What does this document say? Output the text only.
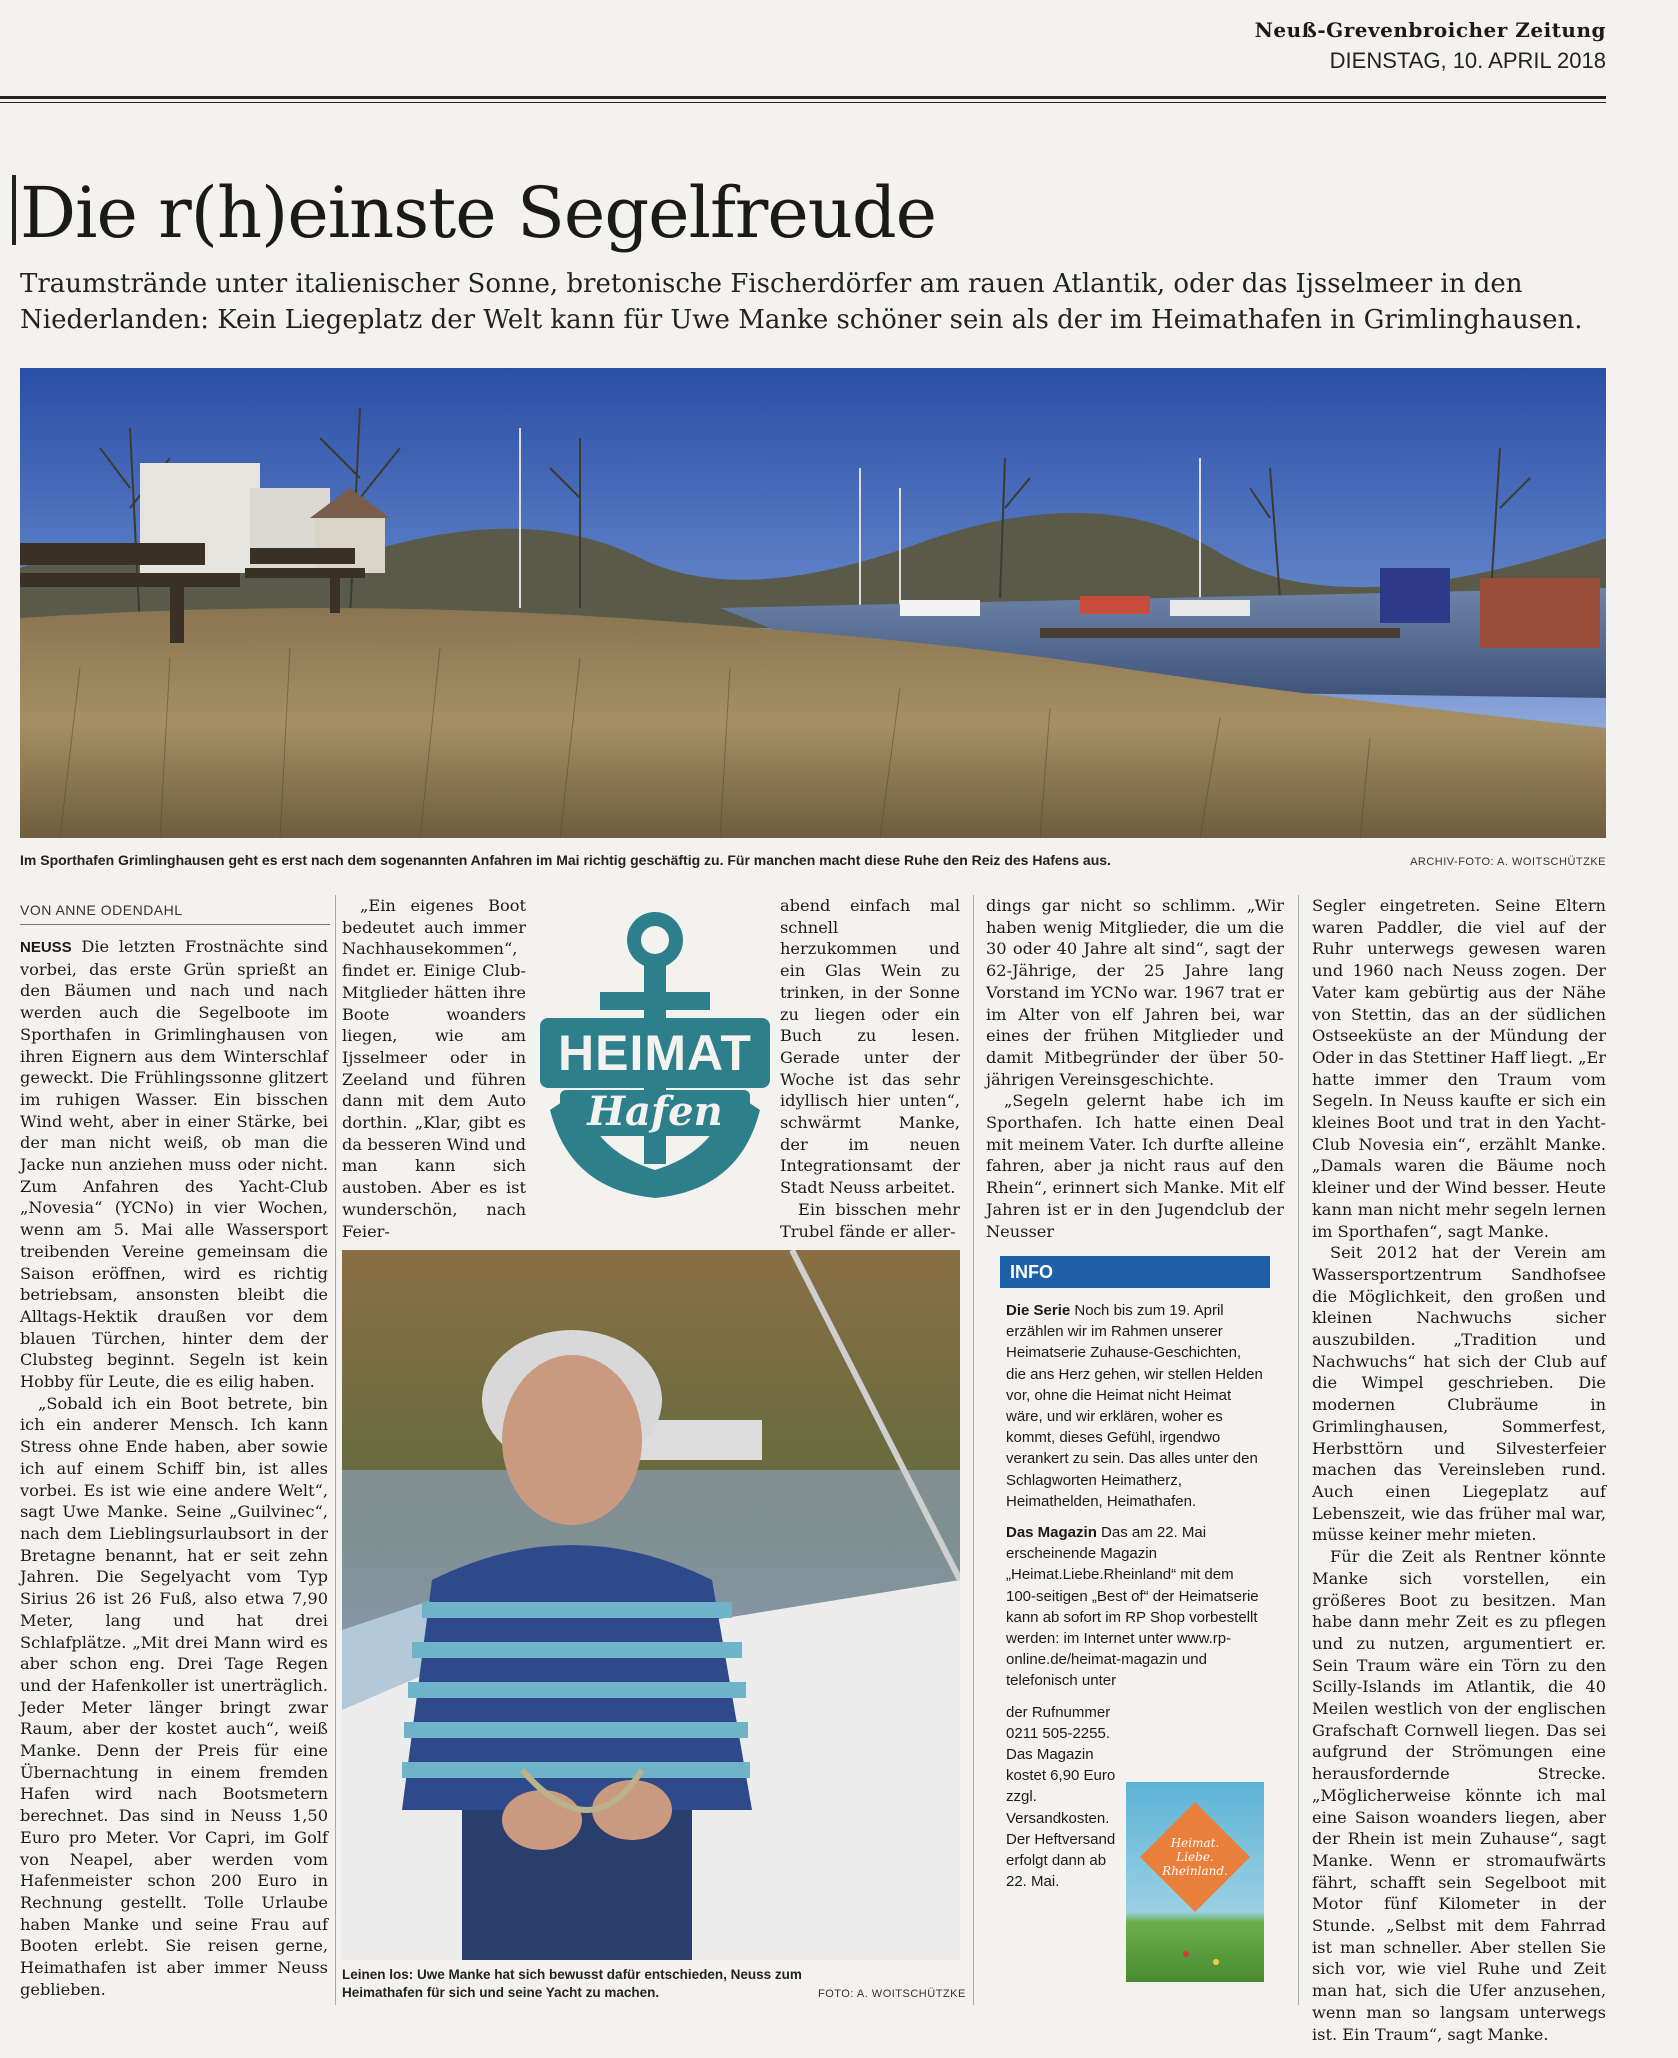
Neuß-Grevenbroicher Zeitung
DIENSTAG, 10. APRIL 2018
Die r(h)einste Segelfreude
Traumstrände unter italienischer Sonne, bretonische Fischerdörfer am rauen Atlantik, oder das Ijsselmeer in den Niederlanden: Kein Liegeplatz der Welt kann für Uwe Manke schöner sein als der im Heimathafen in Grimlinghausen.
Im Sporthafen Grimlinghausen geht es erst nach dem sogenannten Anfahren im Mai richtig geschäftig zu. Für manchen macht diese Ruhe den Reiz des Hafens aus.	ARCHIV-FOTO: A. WOITSCHÜTZKE
VON ANNE ODENDAHL

NEUSS Die letzten Frostnächte sind vorbei, das erste Grün sprießt an den Bäumen und nach und nach werden auch die Segelboote im Sporthafen in Grimlinghausen von ihren Eignern aus dem Winterschlaf geweckt. Die Frühlingssonne glitzert im ruhigen Wasser. Ein bisschen Wind weht, aber in einer Stärke, bei der man nicht weiß, ob man die Jacke nun anziehen muss oder nicht. Zum Anfahren des Yacht-Club „Novesia“ (YCNo) in vier Wochen, wenn am 5. Mai alle Wassersport treibenden Vereine gemeinsam die Saison eröffnen, wird es richtig betriebsam, ansonsten bleibt die Alltags-Hektik draußen vor dem blauen Türchen, hinter dem der Clubsteg beginnt. Segeln ist kein Hobby für Leute, die es eilig haben.

„Sobald ich ein Boot betrete, bin ich ein anderer Mensch. Ich kann Stress ohne Ende haben, aber sowie ich auf einem Schiff bin, ist alles vorbei. Es ist wie eine andere Welt“, sagt Uwe Manke. Seine „Guilvinec“, nach dem Lieblingsurlaubsort in der Bretagne benannt, hat er seit zehn Jahren. Die Segelyacht vom Typ Sirius 26 ist 26 Fuß, also etwa 7,90 Meter, lang und hat drei Schlafplätze. „Mit drei Mann wird es aber schon eng. Drei Tage Regen und der Hafenkoller ist unerträglich. Jeder Meter länger bringt zwar Raum, aber der kostet auch“, weiß Manke. Denn der Preis für eine Übernachtung in einem fremden Hafen wird nach Bootsmetern berechnet. Das sind in Neuss 1,50 Euro pro Meter. Vor Capri, im Golf von Neapel, aber werden vom Hafenmeister schon 200 Euro in Rechnung gestellt. Tolle Urlaube haben Manke und seine Frau auf Booten erlebt. Sie reisen gerne, Heimathafen ist aber immer Neuss geblieben.

HEIMAT
Hafen

„Ein eigenes Boot bedeutet auch immer Nachhausekommen“, findet er. Einige Club-Mitglieder hätten ihre Boote woanders liegen, wie am Ijsselmeer oder in Zeeland und führen dann mit dem Auto dorthin. „Klar, gibt es da besseren Wind und man kann sich austoben. Aber es ist wunderschön, nach Feier-

abend einfach mal schnell herzukommen und ein Glas Wein zu trinken, in der Sonne zu liegen oder ein Buch zu lesen. Gerade unter der Woche ist das sehr idyllisch hier unten“, schwärmt Manke, der im neuen Integrationsamt der Stadt Neuss arbeitet.

Ein bisschen mehr Trubel fände er aller-

dings gar nicht so schlimm. „Wir haben wenig Mitglieder, die um die 30 oder 40 Jahre alt sind“, sagt der 62-Jährige, der 25 Jahre lang Vorstand im YCNo war. 1967 trat er im Alter von elf Jahren bei, war eines der frühen Mitglieder und damit Mitbegründer der über 50-jährigen Vereinsgeschichte.

„Segeln gelernt habe ich im Sporthafen. Ich hatte einen Deal mit meinem Vater. Ich durfte alleine fahren, aber ja nicht raus auf den Rhein“, erinnert sich Manke. Mit elf Jahren ist er in den Jugendclub der Neusser

Segler eingetreten. Seine Eltern waren Paddler, die viel auf der Ruhr unterwegs gewesen waren und 1960 nach Neuss zogen. Der Vater kam gebürtig aus der Nähe von Stettin, das an der südlichen Ostseeküste an der Mündung der Oder in das Stettiner Haff liegt. „Er hatte immer den Traum vom Segeln. In Neuss kaufte er sich ein kleines Boot und trat in den Yacht-Club Novesia ein“, erzählt Manke. „Damals waren die Bäume noch kleiner und der Wind besser. Heute kann man nicht mehr segeln lernen im Sporthafen“, sagt Manke.

Seit 2012 hat der Verein am Wassersportzentrum Sandhofsee die Möglichkeit, den großen und kleinen Nachwuchs sicher auszubilden. „Tradition und Nachwuchs“ hat sich der Club auf die Wimpel geschrieben. Die modernen Clubräume in Grimlinghausen, Sommerfest, Herbsttörn und Silvesterfeier machen das Vereinsleben rund. Auch einen Liegeplatz auf Lebenszeit, wie das früher mal war, müsse keiner mehr mieten.

Für die Zeit als Rentner könnte Manke sich vorstellen, ein größeres Boot zu besitzen. Man habe dann mehr Zeit es zu pflegen und zu nutzen, argumentiert er. Sein Traum wäre ein Törn zu den Scilly-Islands im Atlantik, die 40 Meilen westlich von der englischen Grafschaft Cornwell liegen. Das sei aufgrund der Strömungen eine herausfordernde Strecke. „Möglicherweise könnte ich mal eine Saison woanders liegen, aber der Rhein ist mein Zuhause“, sagt Manke. Wenn er stromaufwärts fährt, schafft sein Segelboot mit Motor fünf Kilometer in der Stunde. „Selbst mit dem Fahrrad ist man schneller. Aber stellen Sie sich vor, wie viel Ruhe und Zeit man hat, sich die Ufer anzusehen, wenn man so langsam unterwegs ist. Ein Traum“, sagt Manke.

Leinen los: Uwe Manke hat sich bewusst dafür entschieden, Neuss zum Heimathafen für sich und seine Yacht zu machen.	FOTO: A. WOITSCHÜTZKE
INFO

Die Serie Noch bis zum 19. April erzählen wir im Rahmen unserer Heimatserie Zuhause-Geschichten, die ans Herz gehen, wir stellen Helden vor, ohne die Heimat nicht Heimat wäre, und wir erklären, woher es kommt, dieses Gefühl, irgendwo verankert zu sein. Das alles unter den Schlagworten Heimatherz, Heimathelden, Heimathafen.

Das Magazin Das am 22. Mai erscheinende Magazin „Heimat.Liebe.Rheinland“ mit dem 100-seitigen „Best of“ der Heimatserie kann ab sofort im RP Shop vorbestellt werden: im Internet unter www.rp-online.de/heimat-magazin und telefonisch unter

der Rufnummer 0211 505-2255. Das Magazin kostet 6,90 Euro zzgl. Versandkosten. Der Heftversand erfolgt dann ab 22. Mai.
Heimat. Liebe. Rheinland.
